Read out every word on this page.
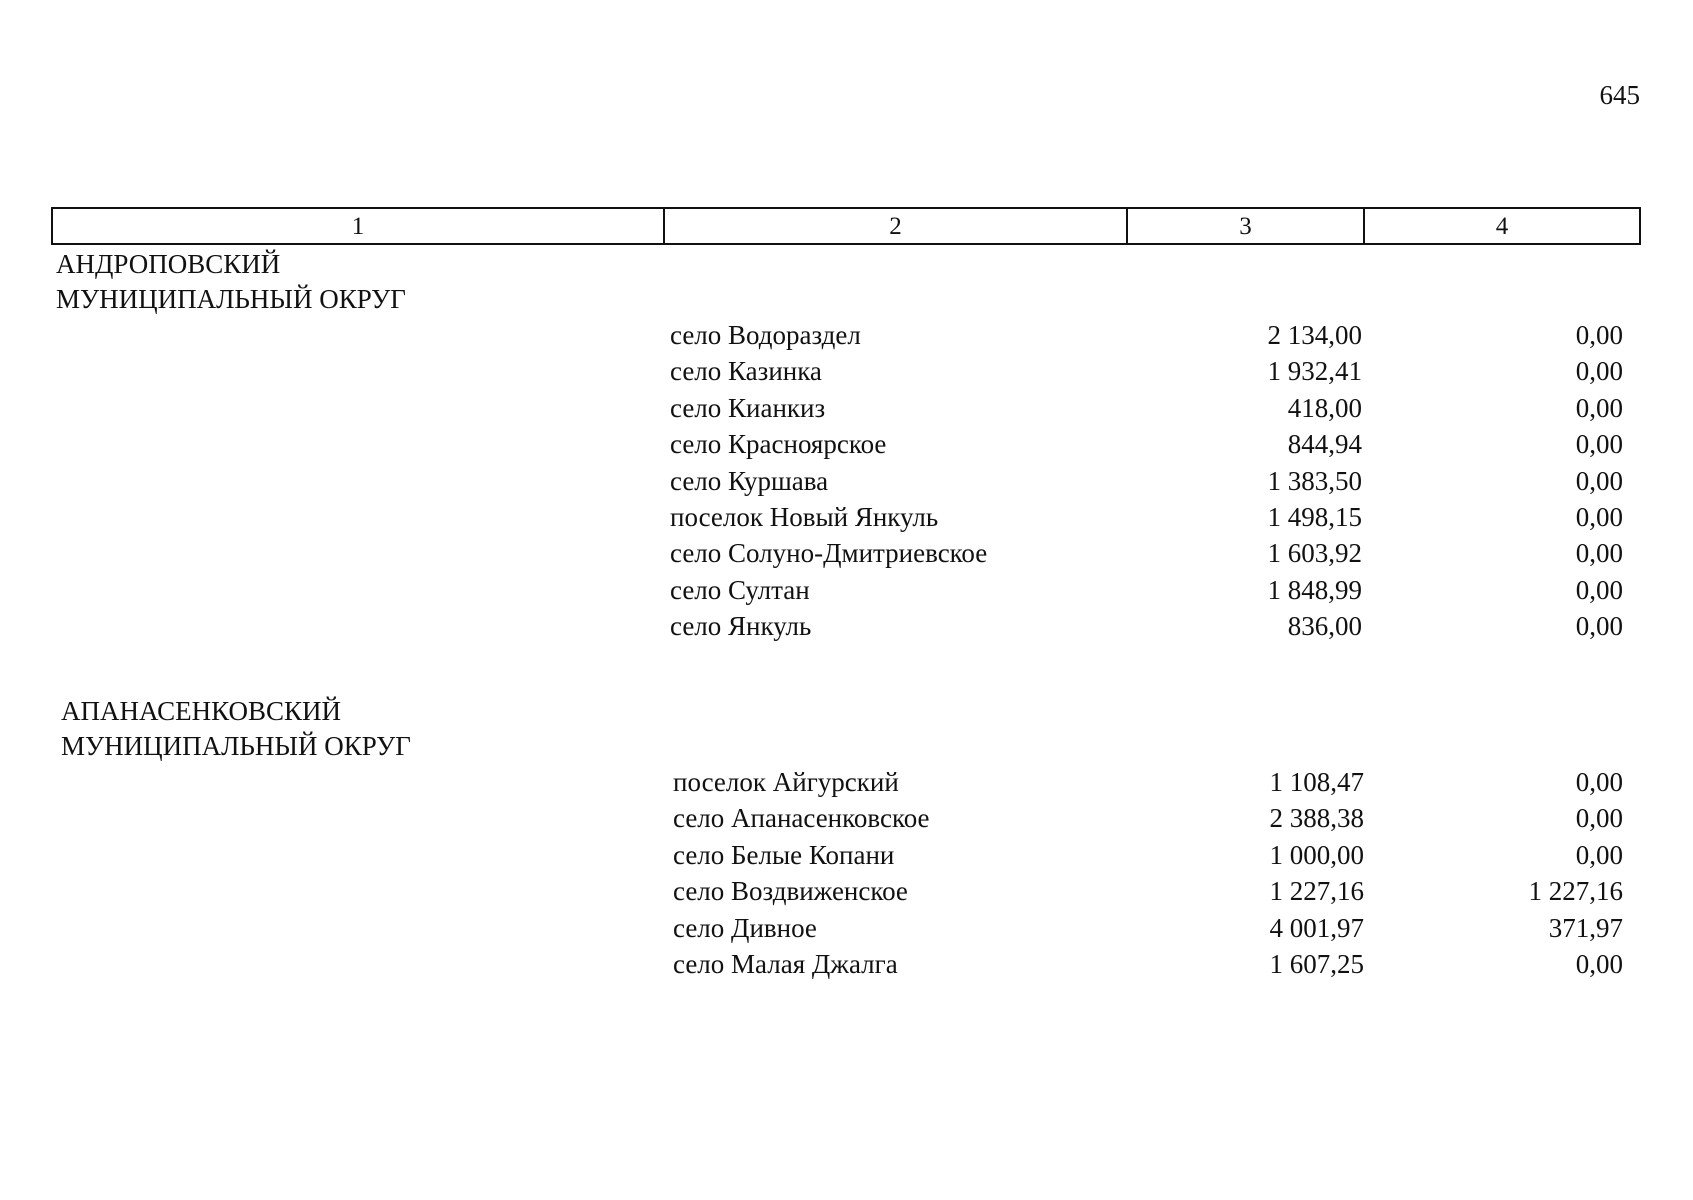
645
1	2	3	4
АНДРОПОВСКИЙ
МУНИЦИПАЛЬНЫЙ ОКРУГ
село Водораздел	2 134,00	0,00
село Казинка	1 932,41	0,00
село Кианкиз	418,00	0,00
село Красноярское	844,94	0,00
село Куршава	1 383,50	0,00
поселок Новый Янкуль	1 498,15	0,00
село Солуно-Дмитриевское	1 603,92	0,00
село Султан	1 848,99	0,00
село Янкуль	836,00	0,00
АПАНАСЕНКОВСКИЙ
МУНИЦИПАЛЬНЫЙ ОКРУГ
поселок Айгурский	1 108,47	0,00
село Апанасенковское	2 388,38	0,00
село Белые Копани	1 000,00	0,00
село Воздвиженское	1 227,16	1 227,16
село Дивное	4 001,97	371,97
село Малая Джалга	1 607,25	0,00
